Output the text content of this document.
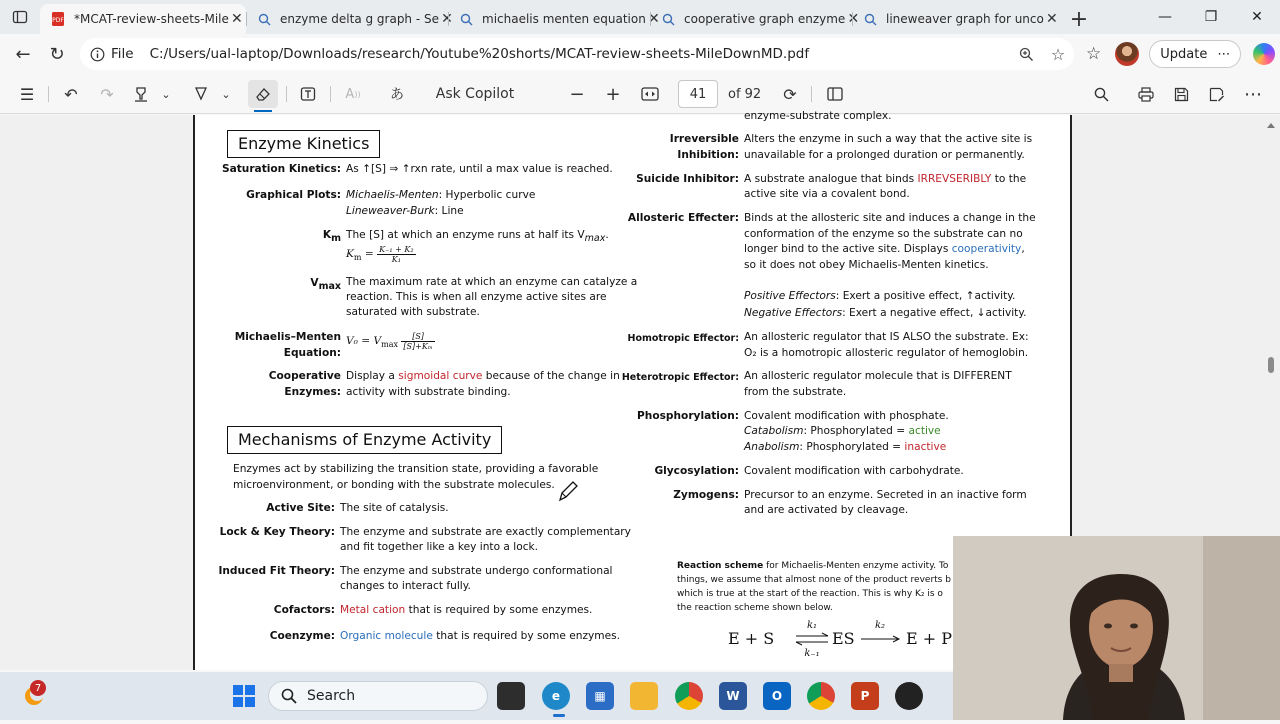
PDF *MCAT-review-sheets-Mile ✕	enzyme delta g graph - Se ✕ michaelis menten equation ✕ cooperative graph enzyme ✕ lineweaver graph for unco ✕ +	—	❐	✕
← ↻	File C:/Users/ual-laptop/Downloads/research/Youtube%20shorts/MCAT-review-sheets-MileDownMD.pdf	☆	☆	Update ⋯
☰	↶	↷	⌄	⌄	A ))	あ	Ask Copilot	−	+	41	of 92	⟳	⋯
Enzyme Kinetics
Saturation Kinetics: As ↑[S] ⇒ ↑rxn rate, until a max value is reached.
Graphical Plots: Michaelis-Menten: Hyperbolic curve
Lineweaver-Burk: Line
$K_m$ The [S] at which an enzyme runs at half its $V_{max}$.
$K_m = \frac{\text{K₋₁ + K₂}}{\text{K₁}}$
$V_{max}$ The maximum rate at which an enzyme can catalyze a
reaction. This is when all enzyme active sites are
saturated with substrate.
Michaelis–Menten
Equation:
$V_0 = V_{max} \frac{[S]}{\text{[S]+Kₘ}}$
Cooperative
Enzymes:
Display a sigmoidal curve because of the change in
activity with substrate binding.
Mechanisms of Enzyme Activity
Enzymes act by stabilizing the transition state, providing a favorable
microenvironment, or bonding with the substrate molecules.
Active Site: The site of catalysis.
Lock & Key Theory: The enzyme and substrate are exactly complementary
and fit together like a key into a lock.
Induced Fit Theory: The enzyme and substrate undergo conformational
changes to interact fully.
Cofactors: Metal cation that is required by some enzymes.
Coenzyme: Organic molecule that is required by some enzymes.
enzyme-substrate complex.
Irreversible
Inhibition:
Alters the enzyme in such a way that the active site is
unavailable for a prolonged duration or permanently.
Suicide Inhibitor: A substrate analogue that binds IRREVSERIBLY to the
active site via a covalent bond.
Allosteric Effecter: Binds at the allosteric site and induces a change in the
conformation of the enzyme so the substrate can no
longer bind to the active site. Displays cooperativity,
so it does not obey Michaelis-Menten kinetics.
Positive Effectors: Exert a positive effect, ↑activity.
Negative Effectors: Exert a negative effect, ↓activity.
Homotropic Effector: An allosteric regulator that IS ALSO the substrate. Ex:
O₂ is a homotropic allosteric regulator of hemoglobin.
Heterotropic Effector: An allosteric regulator molecule that is DIFFERENT
from the substrate.
Phosphorylation: Covalent modification with phosphate.
Catabolism: Phosphorylated = active
Anabolism: Phosphorylated = inactive
Glycosylation: Covalent modification with carbohydrate.
Zymogens: Precursor to an enzyme. Secreted in an inactive form
and are activated by cleavage.
Reaction scheme for Michaelis-Menten enzyme activity. To
things, we assume that almost none of the product reverts b
which is true at the start of the reaction. This is why K₂ is o
the reaction scheme shown below.
E + S
k₁
k₋₁
ES
k₂
E + P
Search	e	▦	W	O	P
7
